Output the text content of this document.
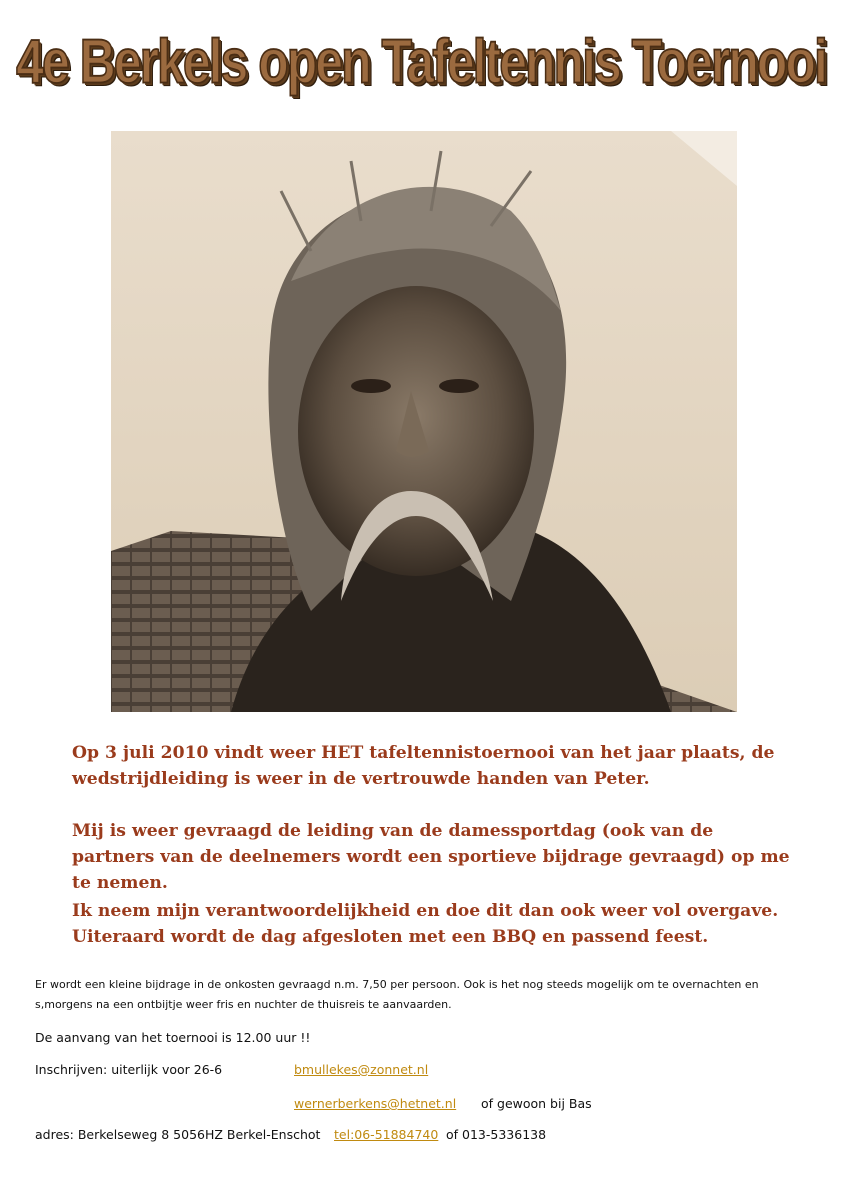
4e Berkels open Tafeltennis Toernooi

Op 3 juli 2010 vindt weer HET tafeltennistoernooi van het jaar plaats, de wedstrijdleiding is weer in de vertrouwde handen van Peter.

Mij is weer gevraagd de leiding van de damessportdag (ook van de partners van de deelnemers wordt een sportieve bijdrage gevraagd) op me te nemen.

Ik neem mijn verantwoordelijkheid en doe dit dan ook weer vol overgave. Uiteraard wordt de dag afgesloten met een BBQ en passend feest.

Er wordt een kleine bijdrage in de onkosten gevraagd n.m. 7,50 per persoon. Ook is het nog steeds mogelijk om te overnachten en s,morgens na een ontbijtje weer fris en nuchter de thuisreis te aanvaarden.

De aanvang van het toernooi is 12.00 uur !!
Inschrijven: uiterlijk voor 26-6	bmullekes@zonnet.nl
wernerberkens@hetnet.nl of gewoon bij Bas
adres: Berkelseweg 8 5056HZ Berkel-Enschot tel:06-51884740 of 013-5336138
